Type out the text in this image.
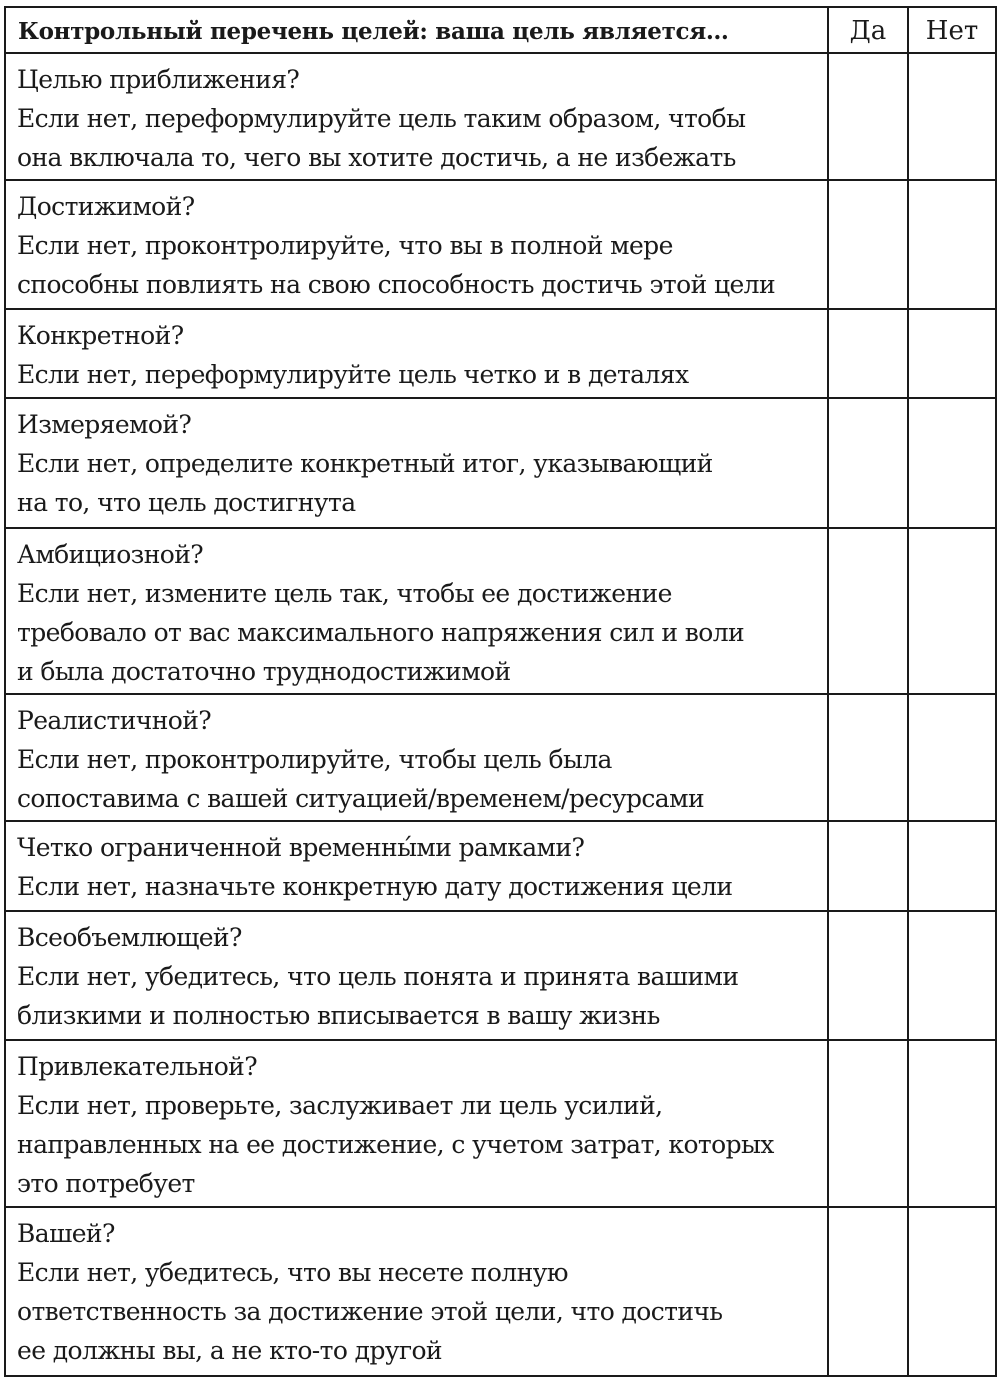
Контрольный перечень целей: ваша цель является…	Да	Нет

Целью приближения?
Если нет, переформулируйте цель таким образом, чтобы
она включала то, чего вы хотите достичь, а не избежать		

Достижимой?
Если нет, проконтролируйте, что вы в полной мере
способны повлиять на свою способность достичь этой цели		

Конкретной?
Если нет, переформулируйте цель четко и в деталях		

Измеряемой?
Если нет, определите конкретный итог, указывающий
на то, что цель достигнута		

Амбициозной?
Если нет, измените цель так, чтобы ее достижение
требовало от вас максимального напряжения сил и воли
и была достаточно труднодостижимой		

Реалистичной?
Если нет, проконтролируйте, чтобы цель была
сопоставима с вашей ситуацией/временем/ресурсами		

Четко ограниченной временны́ми рамками?
Если нет, назначьте конкретную дату достижения цели		

Всеобъемлющей?
Если нет, убедитесь, что цель понята и принята вашими
близкими и полностью вписывается в вашу жизнь		

Привлекательной?
Если нет, проверьте, заслуживает ли цель усилий,
направленных на ее достижение, с учетом затрат, которых
это потребует		

Вашей?
Если нет, убедитесь, что вы несете полную
ответственность за достижение этой цели, что достичь
ее должны вы, а не кто-то другой		
